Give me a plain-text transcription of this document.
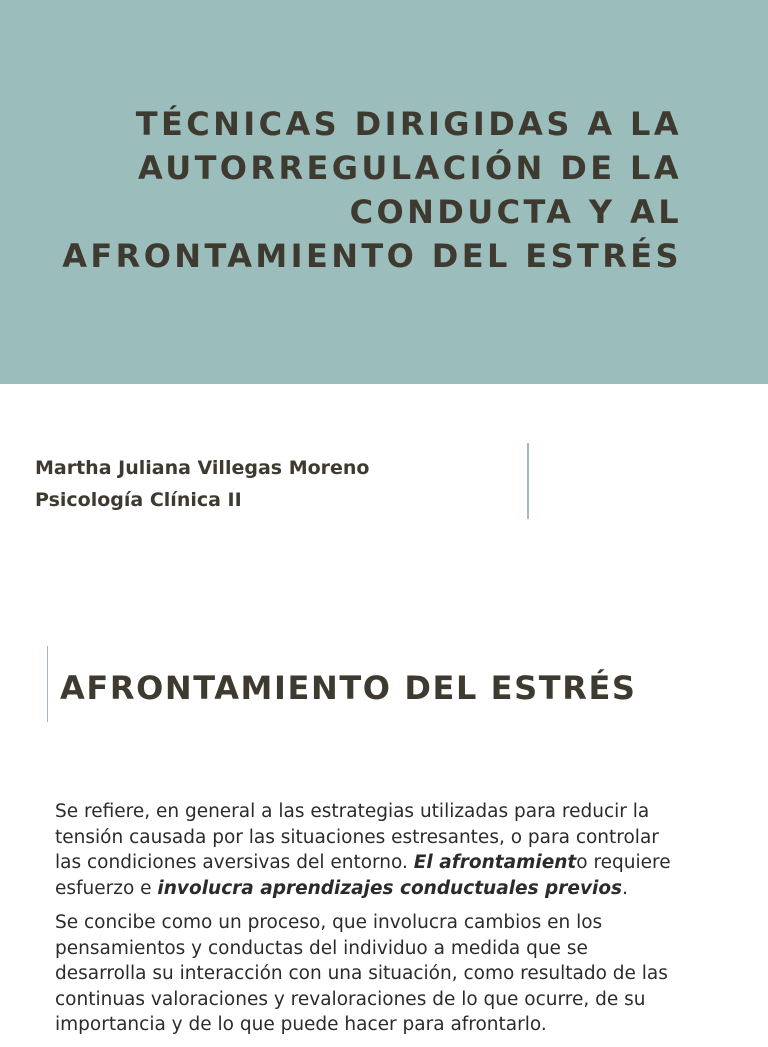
TÉCNICAS DIRIGIDAS A LA
AUTORREGULACIÓN DE LA
CONDUCTA Y AL
AFRONTAMIENTO DEL ESTRÉS
Martha Juliana Villegas Moreno
Psicología Clínica II
AFRONTAMIENTO DEL ESTRÉS

Se refiere, en general a las estrategias utilizadas para reducir la tensión causada por las situaciones estresantes, o para controlar las condiciones aversivas del entorno. El afrontamiento requiere esfuerzo e involucra aprendizajes conductuales previos.

Se concibe como un proceso, que involucra cambios en los pensamientos y conductas del individuo a medida que se desarrolla su interacción con una situación, como resultado de las continuas valoraciones y revaloraciones de lo que ocurre, de su importancia y de lo que puede hacer para afrontarlo.
